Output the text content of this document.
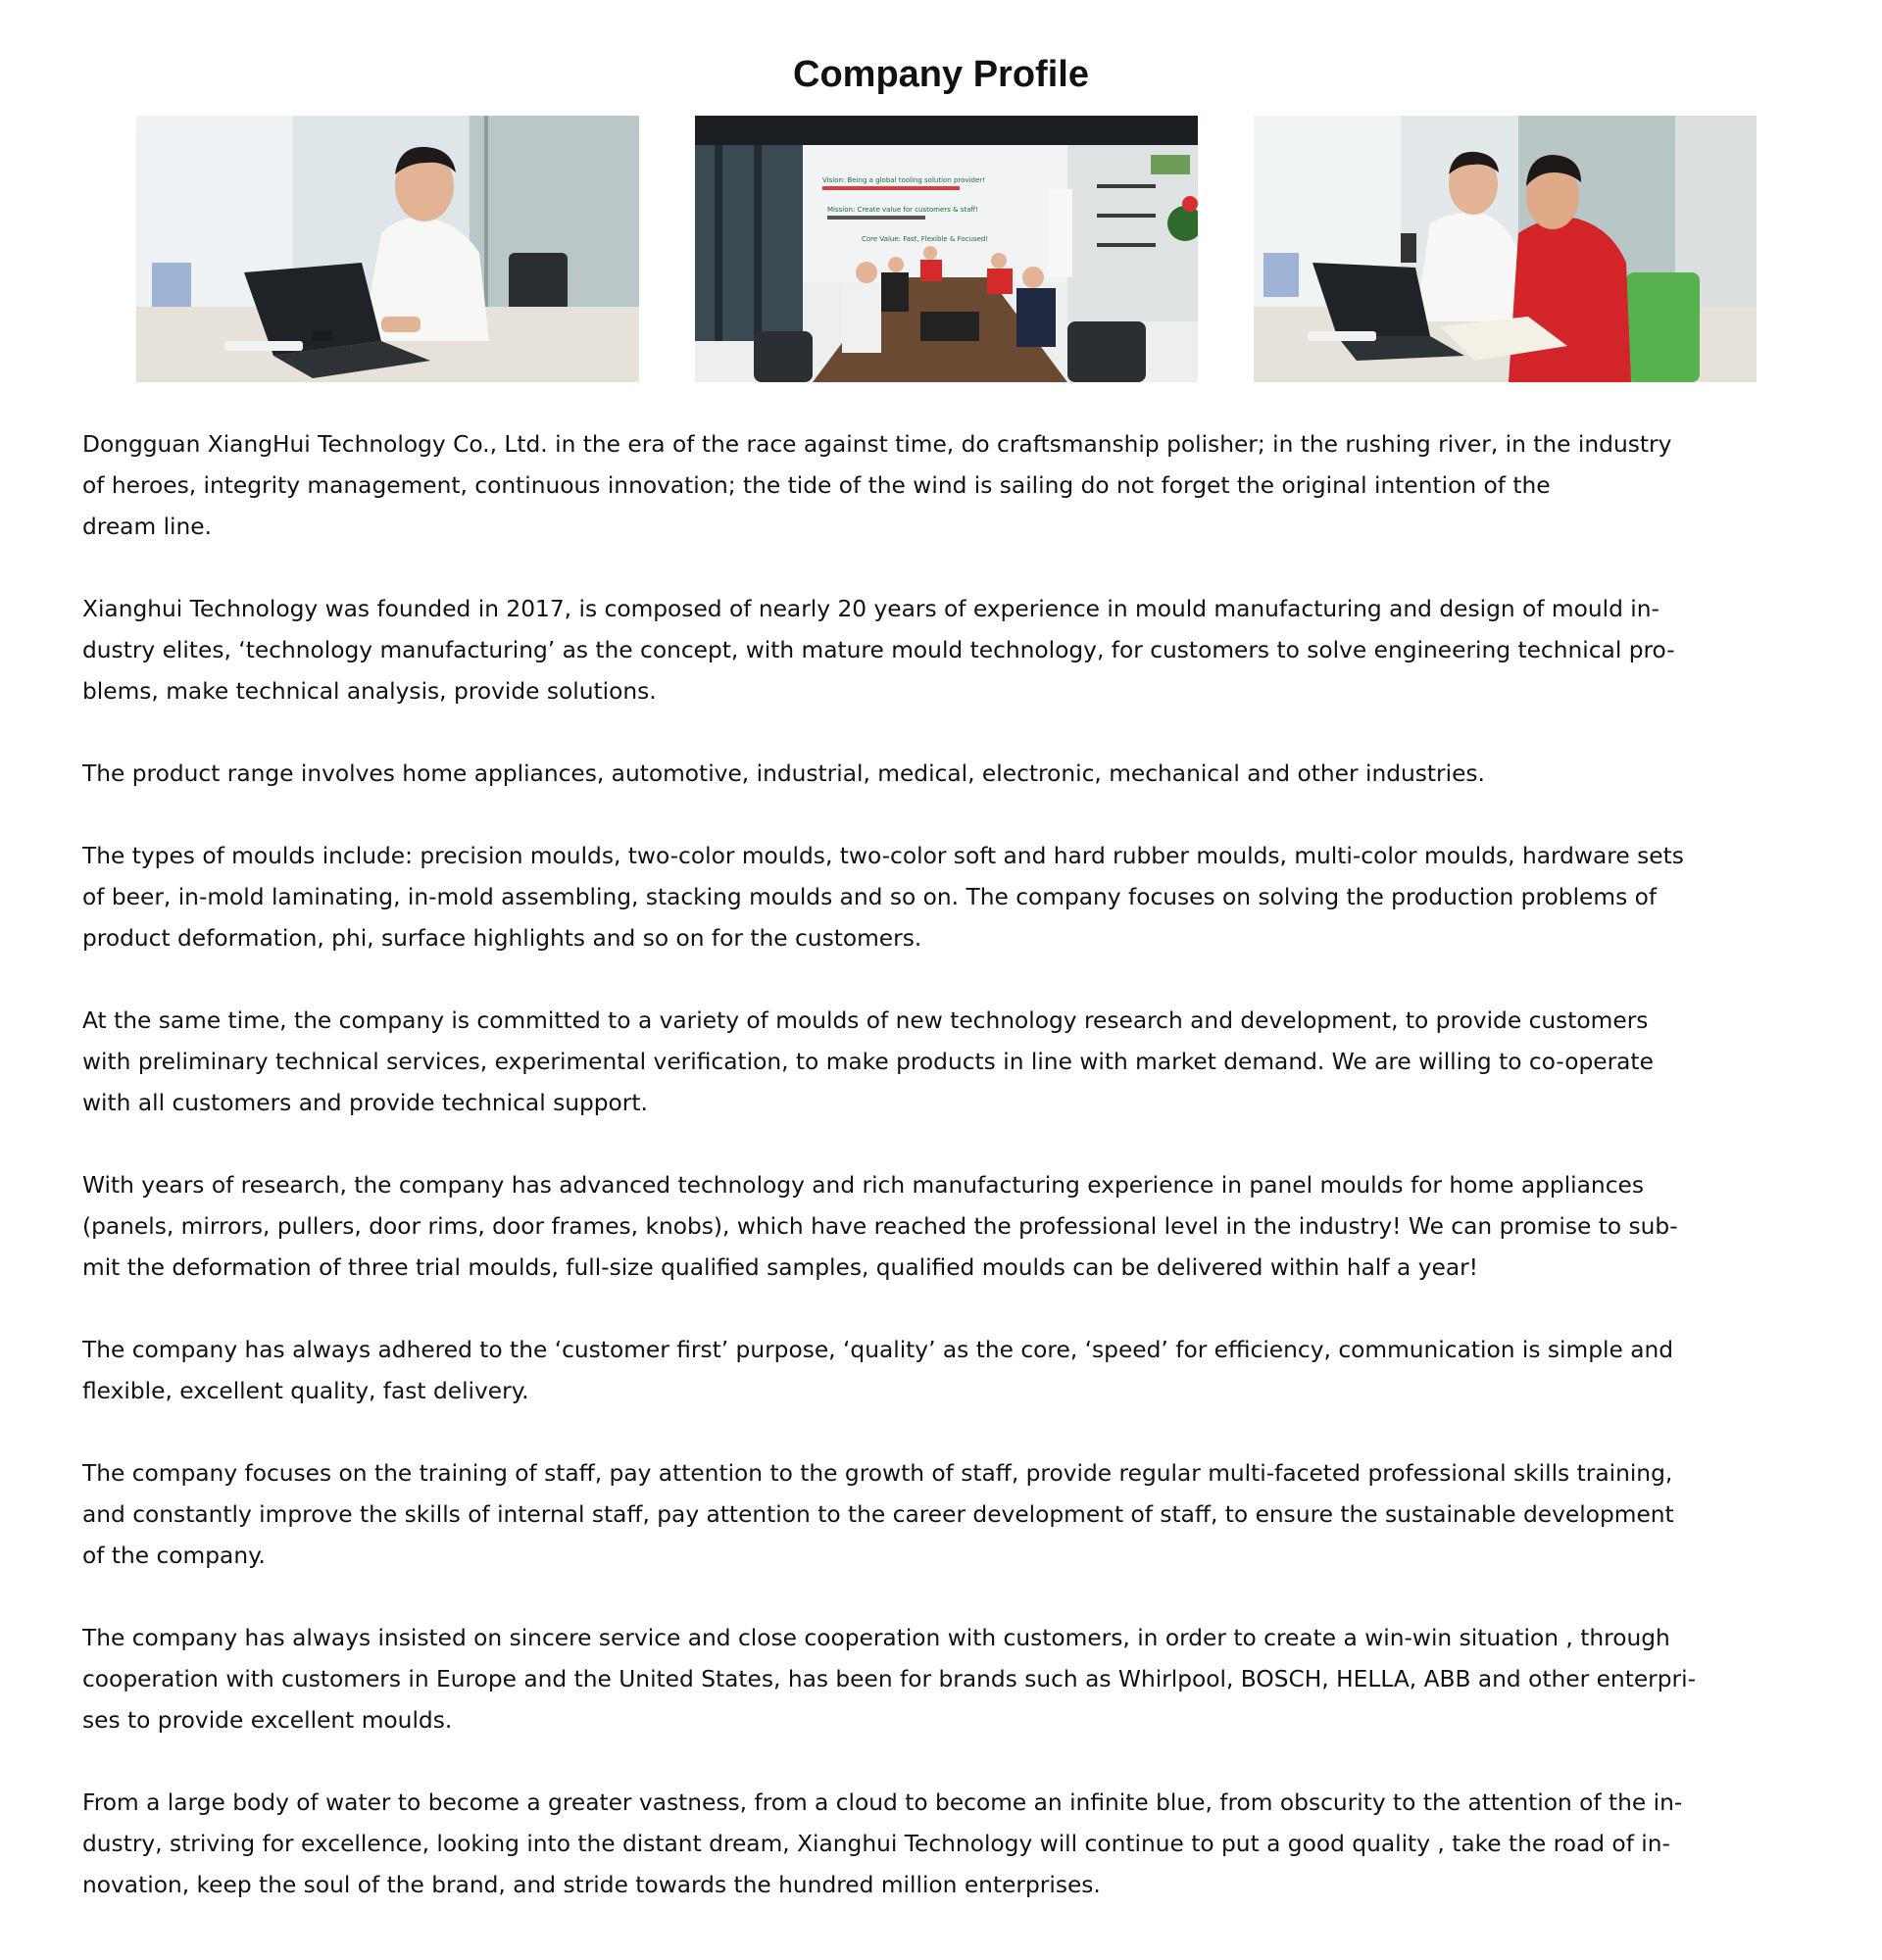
Company Profile
Vision: Being a global tooling solution provider!
Mission: Create value for customers & staff!
Core Value: Fast, Flexible & Focused!

Dongguan XiangHui Technology Co., Ltd. in the era of the race against time, do craftsmanship polisher; in the rushing river, in the industry
of heroes, integrity management, continuous innovation; the tide of the wind is sailing do not forget the original intention of the
dream line.

Xianghui Technology was founded in 2017, is composed of nearly 20 years of experience in mould manufacturing and design of mould in-
dustry elites, ‘technology manufacturing’ as the concept, with mature mould technology, for customers to solve engineering technical pro-
blems, make technical analysis, provide solutions.

The product range involves home appliances, automotive, industrial, medical, electronic, mechanical and other industries.

The types of moulds include: precision moulds, two-color moulds, two-color soft and hard rubber moulds, multi-color moulds, hardware sets
of beer, in-mold laminating, in-mold assembling, stacking moulds and so on. The company focuses on solving the production problems of
product deformation, phi, surface highlights and so on for the customers.

At the same time, the company is committed to a variety of moulds of new technology research and development, to provide customers
with preliminary technical services, experimental verification, to make products in line with market demand. We are willing to co-operate
with all customers and provide technical support.

With years of research, the company has advanced technology and rich manufacturing experience in panel moulds for home appliances
(panels, mirrors, pullers, door rims, door frames, knobs), which have reached the professional level in the industry! We can promise to sub-
mit the deformation of three trial moulds, full-size qualified samples, qualified moulds can be delivered within half a year!

The company has always adhered to the ‘customer first’ purpose, ‘quality’ as the core, ‘speed’ for efficiency, communication is simple and
flexible, excellent quality, fast delivery.

The company focuses on the training of staff, pay attention to the growth of staff, provide regular multi-faceted professional skills training,
and constantly improve the skills of internal staff, pay attention to the career development of staff, to ensure the sustainable development
of the company.

The company has always insisted on sincere service and close cooperation with customers, in order to create a win-win situation , through
cooperation with customers in Europe and the United States, has been for brands such as Whirlpool, BOSCH, HELLA, ABB and other enterpri-
ses to provide excellent moulds.

From a large body of water to become a greater vastness, from a cloud to become an infinite blue, from obscurity to the attention of the in-
dustry, striving for excellence, looking into the distant dream, Xianghui Technology will continue to put a good quality , take the road of in-
novation, keep the soul of the brand, and stride towards the hundred million enterprises.
